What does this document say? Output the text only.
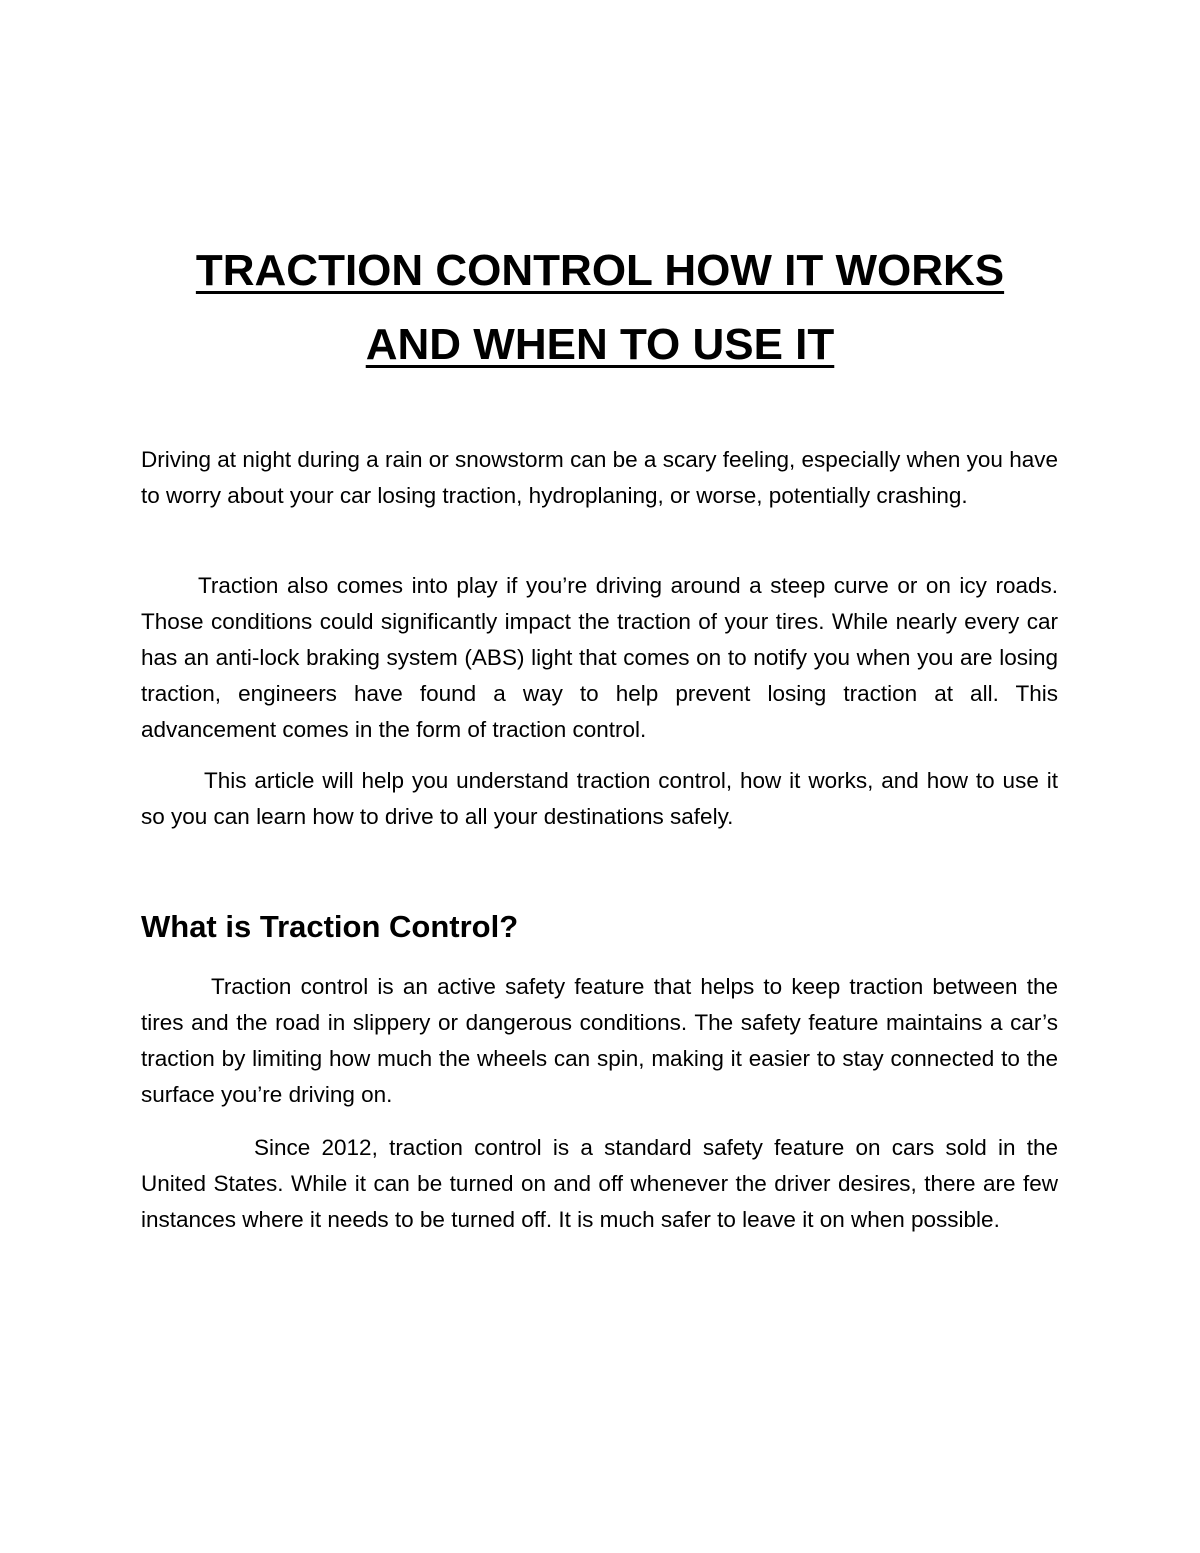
TRACTION CONTROL HOW IT WORKS
AND WHEN TO USE IT

Driving at night during a rain or snowstorm can be a scary feeling, especially when you have to worry about your car losing traction, hydroplaning, or worse, potentially crashing.

Traction also comes into play if you’re driving around a steep curve or on icy roads. Those conditions could significantly impact the traction of your tires. While nearly every car has an anti-lock braking system (ABS) light that comes on to notify you when you are losing traction, engineers have found a way to help prevent losing traction at all. This advancement comes in the form of traction control.

This article will help you understand traction control, how it works, and how to use it so you can learn how to drive to all your destinations safely.

What is Traction Control?

Traction control is an active safety feature that helps to keep traction between the tires and the road in slippery or dangerous conditions. The safety feature maintains a car’s traction by limiting how much the wheels can spin, making it easier to stay connected to the surface you’re driving on.

Since 2012, traction control is a standard safety feature on cars sold in the United States. While it can be turned on and off whenever the driver desires, there are few instances where it needs to be turned off. It is much safer to leave it on when possible.
